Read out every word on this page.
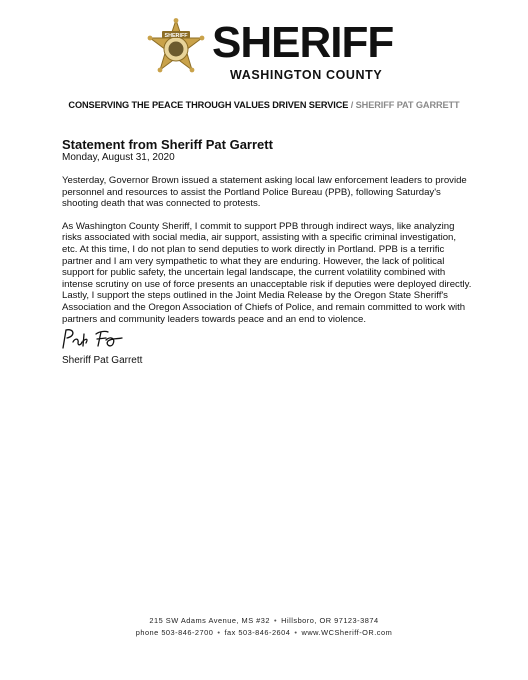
SHERIFF SHERIFF
WASHINGTON COUNTY
CONSERVING THE PEACE THROUGH VALUES DRIVEN SERVICE / SHERIFF PAT GARRETT
Statement from Sheriff Pat Garrett

Monday, August 31, 2020

Yesterday, Governor Brown issued a statement asking local law enforcement leaders to provide personnel and resources to assist the Portland Police Bureau (PPB), following Saturday's shooting death that was connected to protests.

As Washington County Sheriff, I commit to support PPB through indirect ways, like analyzing risks associated with social media, air support, assisting with a specific criminal investigation, etc. At this time, I do not plan to send deputies to work directly in Portland. PPB is a terrific partner and I am very sympathetic to what they are enduring. However, the lack of political support for public safety, the uncertain legal landscape, the current volatility combined with intense scrutiny on use of force presents an unacceptable risk if deputies were deployed directly. Lastly, I support the steps outlined in the Joint Media Release by the Oregon State Sheriff's Association and the Oregon Association of Chiefs of Police, and remain committed to work with partners and community leaders towards peace and an end to violence.

Sheriff Pat Garrett
215 SW Adams Avenue, MS #32 • Hillsboro, OR 97123-3874
phone 503-846-2700 • fax 503-846-2604 • www.WCSheriff-OR.com
